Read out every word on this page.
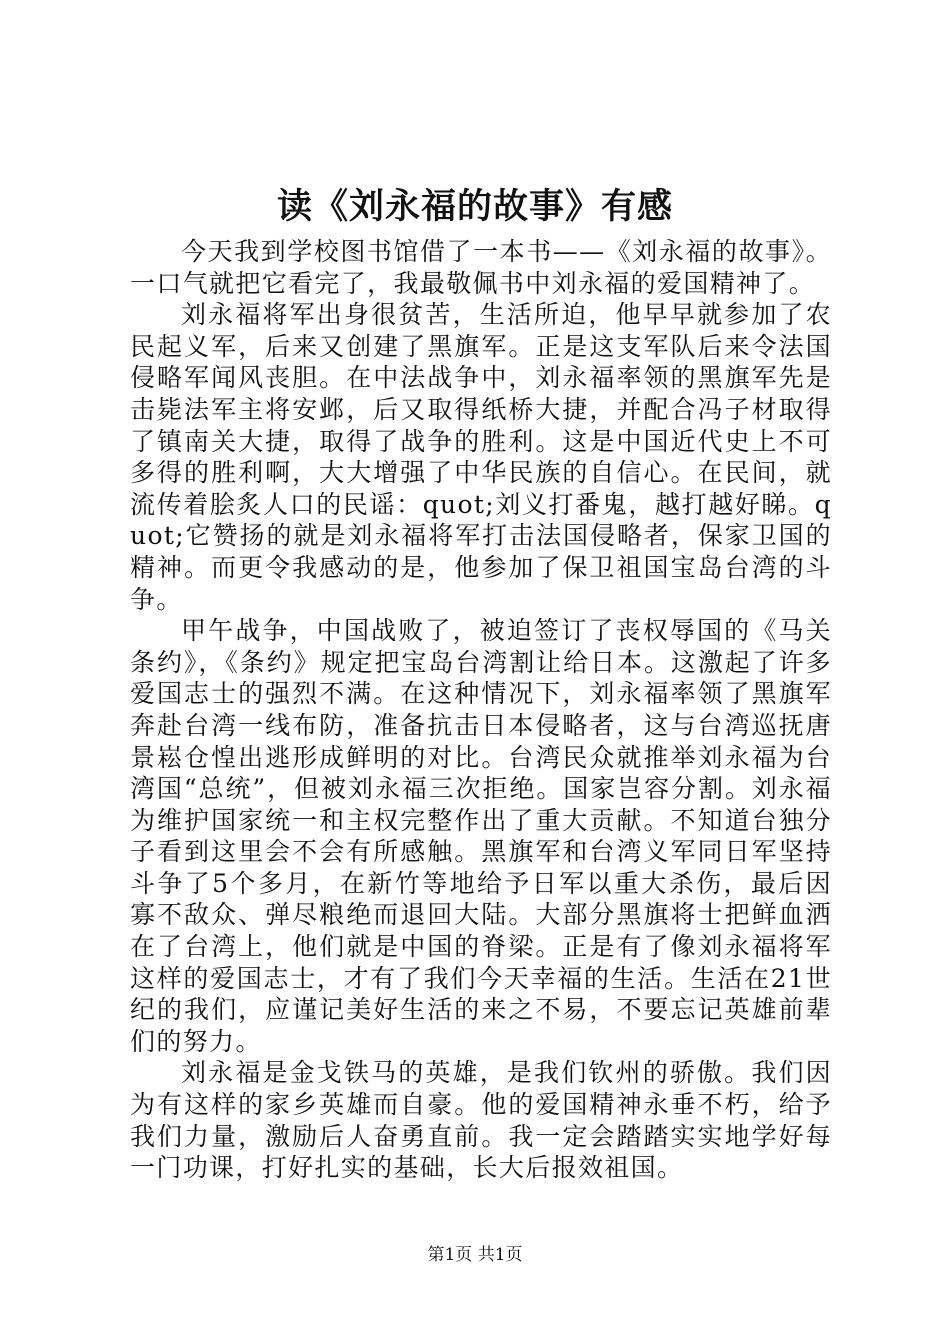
读《刘永福的故事》有感

今天我到学校图书馆借了一本书——《刘永福的故事》。一口气就把它看完了，我最敬佩书中刘永福的爱国精神了。

刘永福将军出身很贫苦，生活所迫，他早早就参加了农民起义军，后来又创建了黑旗军。正是这支军队后来令法国侵略军闻风丧胆。在中法战争中，刘永福率领的黑旗军先是击毙法军主将安邺，后又取得纸桥大捷，并配合冯子材取得了镇南关大捷，取得了战争的胜利。这是中国近代史上不可多得的胜利啊，大大增强了中华民族的自信心。在民间，就流传着脍炙人口的民谣：quot;刘义打番鬼，越打越好睇。quot;它赞扬的就是刘永福将军打击法国侵略者，保家卫国的精神。而更令我感动的是，他参加了保卫祖国宝岛台湾的斗争。

甲午战争，中国战败了，被迫签订了丧权辱国的《马关条约》，《条约》规定把宝岛台湾割让给日本。这激起了许多爱国志士的强烈不满。在这种情况下，刘永福率领了黑旗军奔赴台湾一线布防，准备抗击日本侵略者，这与台湾巡抚唐景崧仓惶出逃形成鲜明的对比。台湾民众就推举刘永福为台湾国“总统”，但被刘永福三次拒绝。国家岂容分割。刘永福为维护国家统一和主权完整作出了重大贡献。不知道台独分子看到这里会不会有所感触。黑旗军和台湾义军同日军坚持斗争了5个多月，在新竹等地给予日军以重大杀伤，最后因寡不敌众、弹尽粮绝而退回大陆。大部分黑旗将士把鲜血洒在了台湾上，他们就是中国的脊梁。正是有了像刘永福将军这样的爱国志士，才有了我们今天幸福的生活。生活在21世纪的我们，应谨记美好生活的来之不易，不要忘记英雄前辈们的努力。

刘永福是金戈铁马的英雄，是我们钦州的骄傲。我们因为有这样的家乡英雄而自豪。他的爱国精神永垂不朽，给予我们力量，激励后人奋勇直前。我一定会踏踏实实地学好每一门功课，打好扎实的基础，长大后报效祖国。

第1页 共1页
